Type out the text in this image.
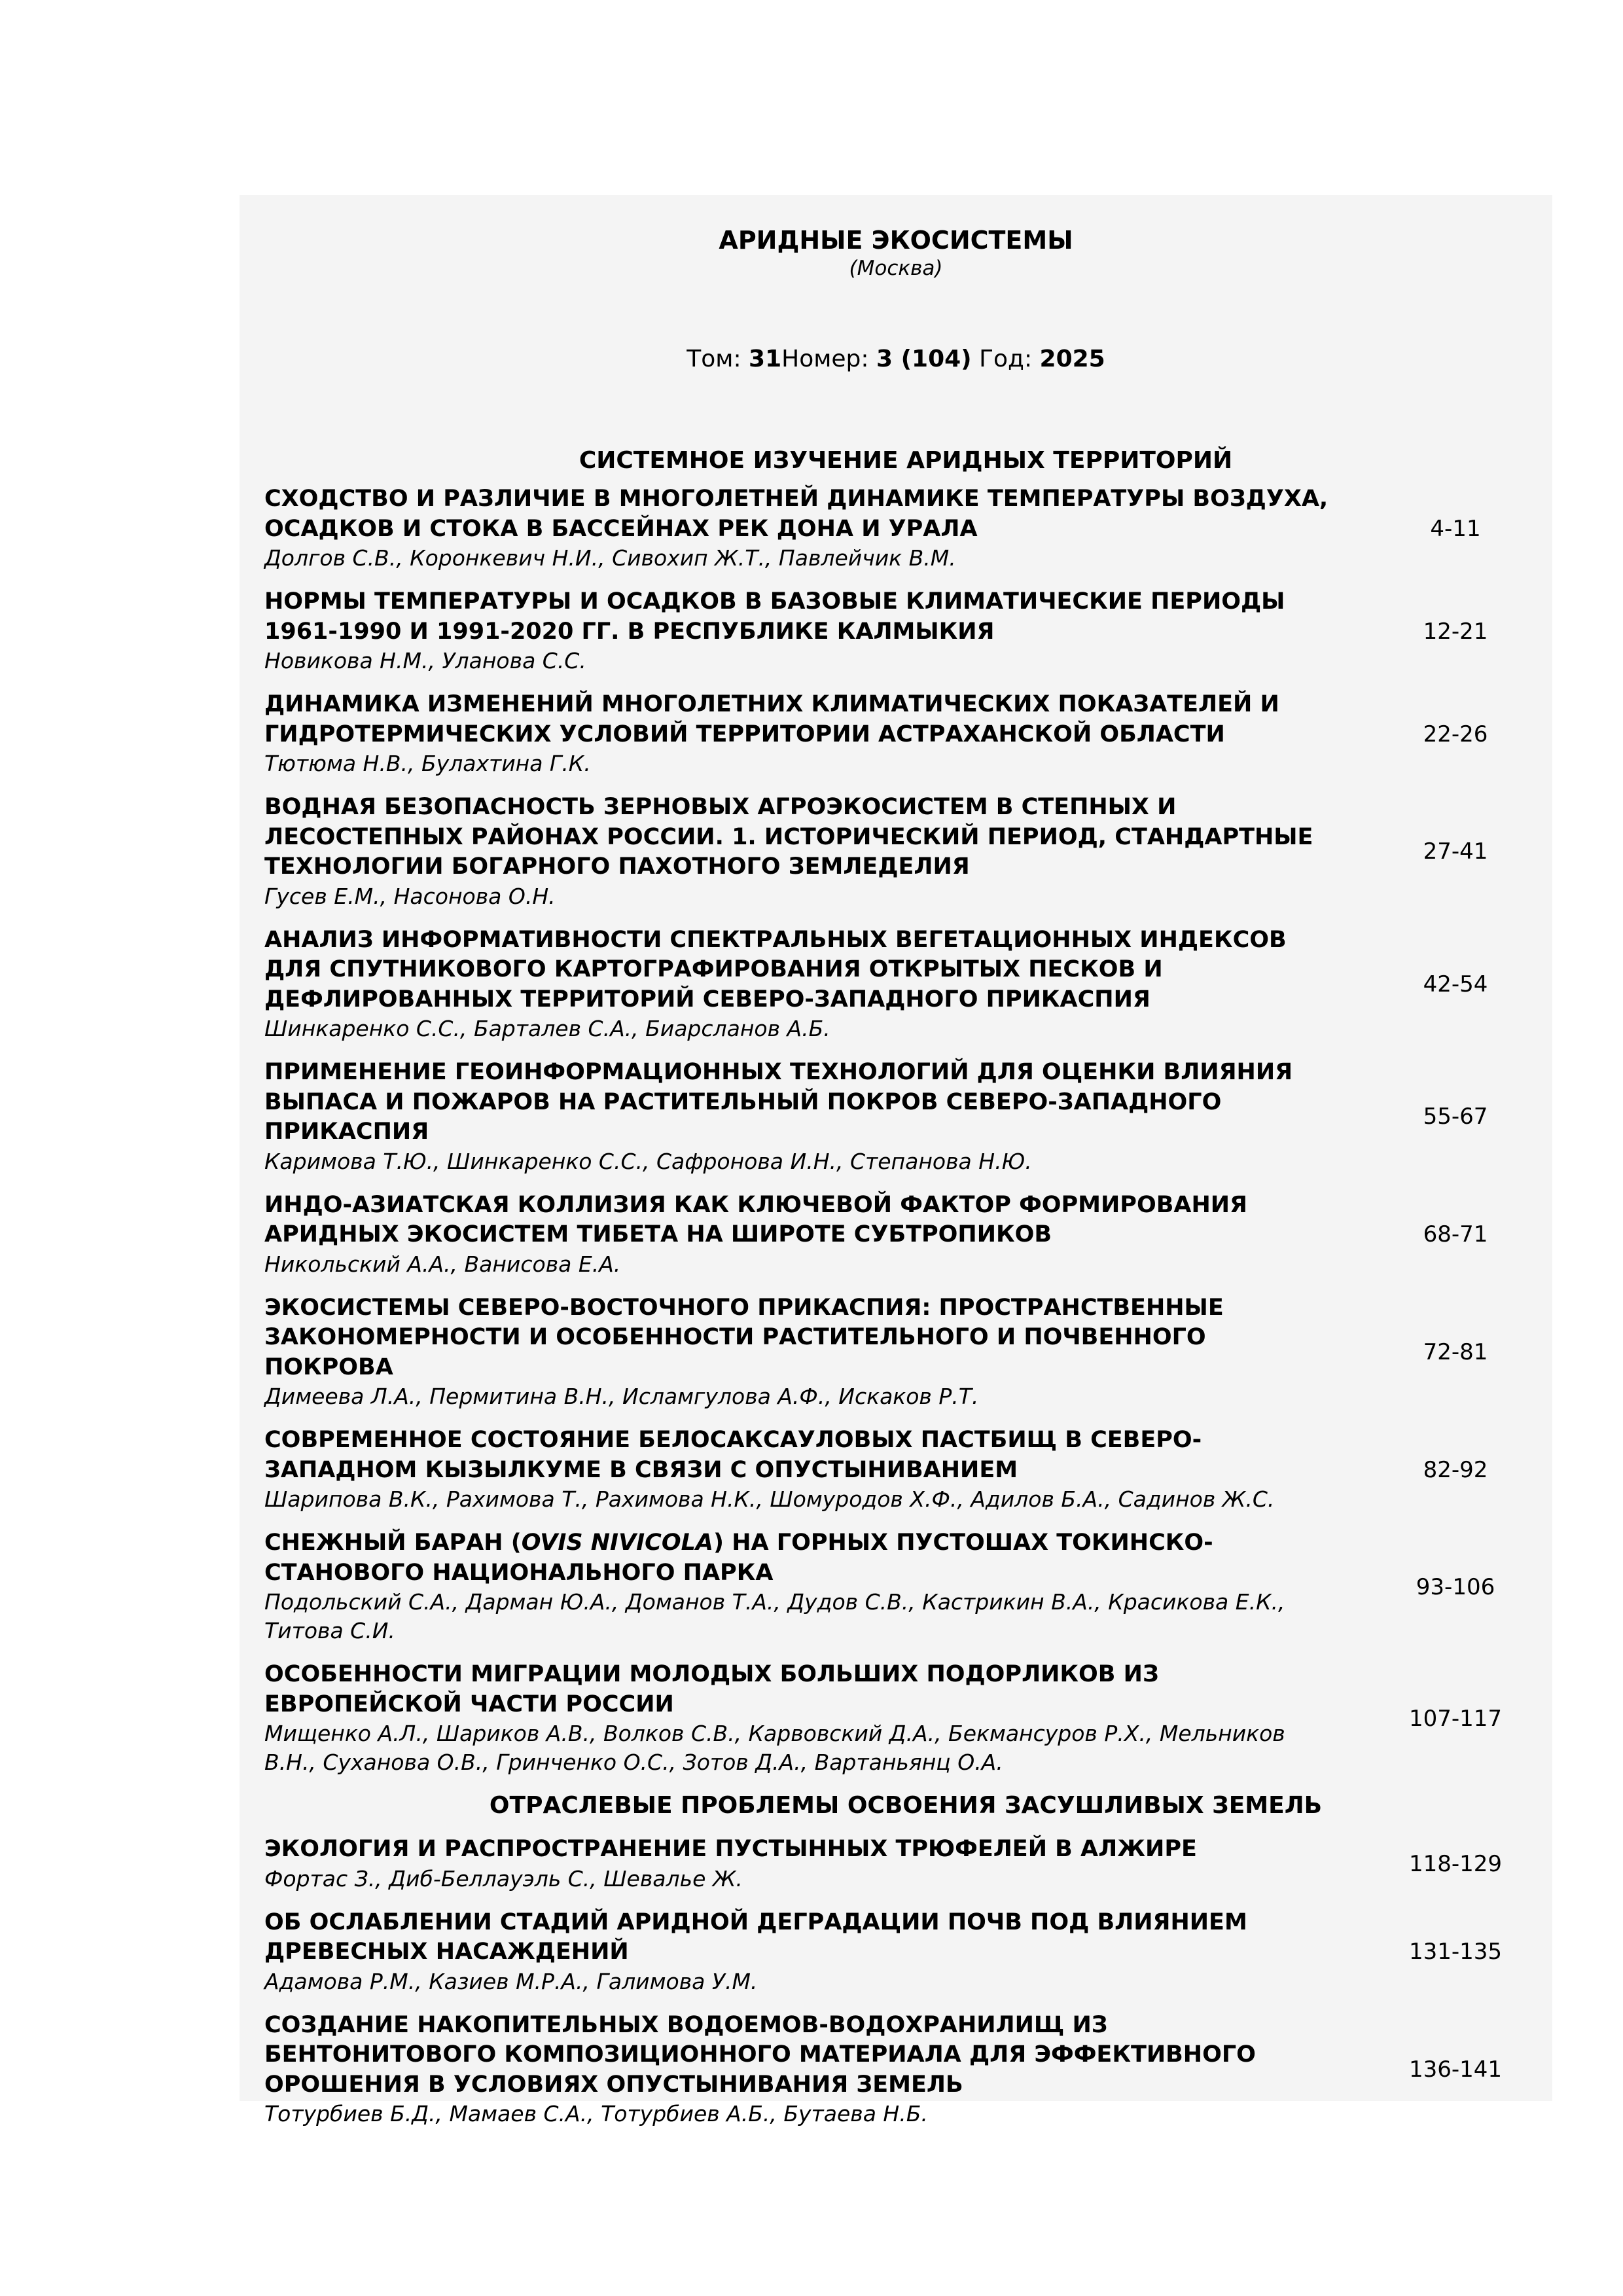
АРИДНЫЕ ЭКОСИСТЕМЫ
(Москва)
Том: 31Номер: 3 (104) Год: 2025
СИСТЕМНОЕ ИЗУЧЕНИЕ АРИДНЫХ ТЕРРИТОРИЙ
СХОДСТВО И РАЗЛИЧИЕ В МНОГОЛЕТНЕЙ ДИНАМИКЕ ТЕМПЕРАТУРЫ ВОЗДУХА, ОСАДКОВ И СТОКА В БАССЕЙНАХ РЕК ДОНА И УРАЛА
Долгов С.В., Коронкевич Н.И., Сивохип Ж.Т., Павлейчик В.М.
4-11
НОРМЫ ТЕМПЕРАТУРЫ И ОСАДКОВ В БАЗОВЫЕ КЛИМАТИЧЕСКИЕ ПЕРИОДЫ 1961-1990 И 1991-2020 ГГ. В РЕСПУБЛИКЕ КАЛМЫКИЯ
Новикова Н.М., Уланова С.С.
12-21
ДИНАМИКА ИЗМЕНЕНИЙ МНОГОЛЕТНИХ КЛИМАТИЧЕСКИХ ПОКАЗАТЕЛЕЙ И ГИДРОТЕРМИЧЕСКИХ УСЛОВИЙ ТЕРРИТОРИИ АСТРАХАНСКОЙ ОБЛАСТИ
Тютюма Н.В., Булахтина Г.К.
22-26
ВОДНАЯ БЕЗОПАСНОСТЬ ЗЕРНОВЫХ АГРОЭКОСИСТЕМ В СТЕПНЫХ И ЛЕСОСТЕПНЫХ РАЙОНАХ РОССИИ. 1. ИСТОРИЧЕСКИЙ ПЕРИОД, СТАНДАРТНЫЕ ТЕХНОЛОГИИ БОГАРНОГО ПАХОТНОГО ЗЕМЛЕДЕЛИЯ
Гусев Е.М., Насонова О.Н.
27-41
АНАЛИЗ ИНФОРМАТИВНОСТИ СПЕКТРАЛЬНЫХ ВЕГЕТАЦИОННЫХ ИНДЕКСОВ ДЛЯ СПУТНИКОВОГО КАРТОГРАФИРОВАНИЯ ОТКРЫТЫХ ПЕСКОВ И ДЕФЛИРОВАННЫХ ТЕРРИТОРИЙ СЕВЕРО-ЗАПАДНОГО ПРИКАСПИЯ
Шинкаренко С.С., Барталев С.А., Биарсланов А.Б.
42-54
ПРИМЕНЕНИЕ ГЕОИНФОРМАЦИОННЫХ ТЕХНОЛОГИЙ ДЛЯ ОЦЕНКИ ВЛИЯНИЯ ВЫПАСА И ПОЖАРОВ НА РАСТИТЕЛЬНЫЙ ПОКРОВ СЕВЕРО-ЗАПАДНОГО ПРИКАСПИЯ
Каримова Т.Ю., Шинкаренко С.С., Сафронова И.Н., Степанова Н.Ю.
55-67
ИНДО-АЗИАТСКАЯ КОЛЛИЗИЯ КАК КЛЮЧЕВОЙ ФАКТОР ФОРМИРОВАНИЯ АРИДНЫХ ЭКОСИСТЕМ ТИБЕТА НА ШИРОТЕ СУБТРОПИКОВ
Никольский А.А., Ванисова Е.А.
68-71
ЭКОСИСТЕМЫ СЕВЕРО-ВОСТОЧНОГО ПРИКАСПИЯ: ПРОСТРАНСТВЕННЫЕ ЗАКОНОМЕРНОСТИ И ОСОБЕННОСТИ РАСТИТЕЛЬНОГО И ПОЧВЕННОГО ПОКРОВА
Димеева Л.А., Пермитина В.Н., Исламгулова А.Ф., Искаков Р.Т.
72-81
СОВРЕМЕННОЕ СОСТОЯНИЕ БЕЛОСАКСАУЛОВЫХ ПАСТБИЩ В СЕВЕРО-ЗАПАДНОМ КЫЗЫЛКУМЕ В СВЯЗИ С ОПУСТЫНИВАНИЕМ
Шарипова В.К., Рахимова Т., Рахимова Н.К., Шомуродов Х.Ф., Адилов Б.А., Садинов Ж.С.
82-92
СНЕЖНЫЙ БАРАН (OVIS NIVICOLA) НА ГОРНЫХ ПУСТОШАХ ТОКИНСКО-СТАНОВОГО НАЦИОНАЛЬНОГО ПАРКА
Подольский С.А., Дарман Ю.А., Доманов Т.А., Дудов С.В., Кастрикин В.А., Красикова Е.К., Титова С.И.
93-106
ОСОБЕННОСТИ МИГРАЦИИ МОЛОДЫХ БОЛЬШИХ ПОДОРЛИКОВ ИЗ ЕВРОПЕЙСКОЙ ЧАСТИ РОССИИ
Мищенко А.Л., Шариков А.В., Волков С.В., Карвовский Д.А., Бекмансуров Р.Х., Мельников В.Н., Суханова О.В., Гринченко О.С., Зотов Д.А., Вартаньянц О.А.
107-117
ОТРАСЛЕВЫЕ ПРОБЛЕМЫ ОСВОЕНИЯ ЗАСУШЛИВЫХ ЗЕМЕЛЬ
ЭКОЛОГИЯ И РАСПРОСТРАНЕНИЕ ПУСТЫННЫХ ТРЮФЕЛЕЙ В АЛЖИРЕ
Фортас З., Диб-Беллауэль С., Шевалье Ж.
118-129
ОБ ОСЛАБЛЕНИИ СТАДИЙ АРИДНОЙ ДЕГРАДАЦИИ ПОЧВ ПОД ВЛИЯНИЕМ ДРЕВЕСНЫХ НАСАЖДЕНИЙ
Адамова Р.М., Казиев М.Р.А., Галимова У.М.
131-135
СОЗДАНИЕ НАКОПИТЕЛЬНЫХ ВОДОЕМОВ-ВОДОХРАНИЛИЩ ИЗ БЕНТОНИТОВОГО КОМПОЗИЦИОННОГО МАТЕРИАЛА ДЛЯ ЭФФЕКТИВНОГО ОРОШЕНИЯ В УСЛОВИЯХ ОПУСТЫНИВАНИЯ ЗЕМЕЛЬ
Тотурбиев Б.Д., Мамаев С.А., Тотурбиев А.Б., Бутаева Н.Б.
136-141
